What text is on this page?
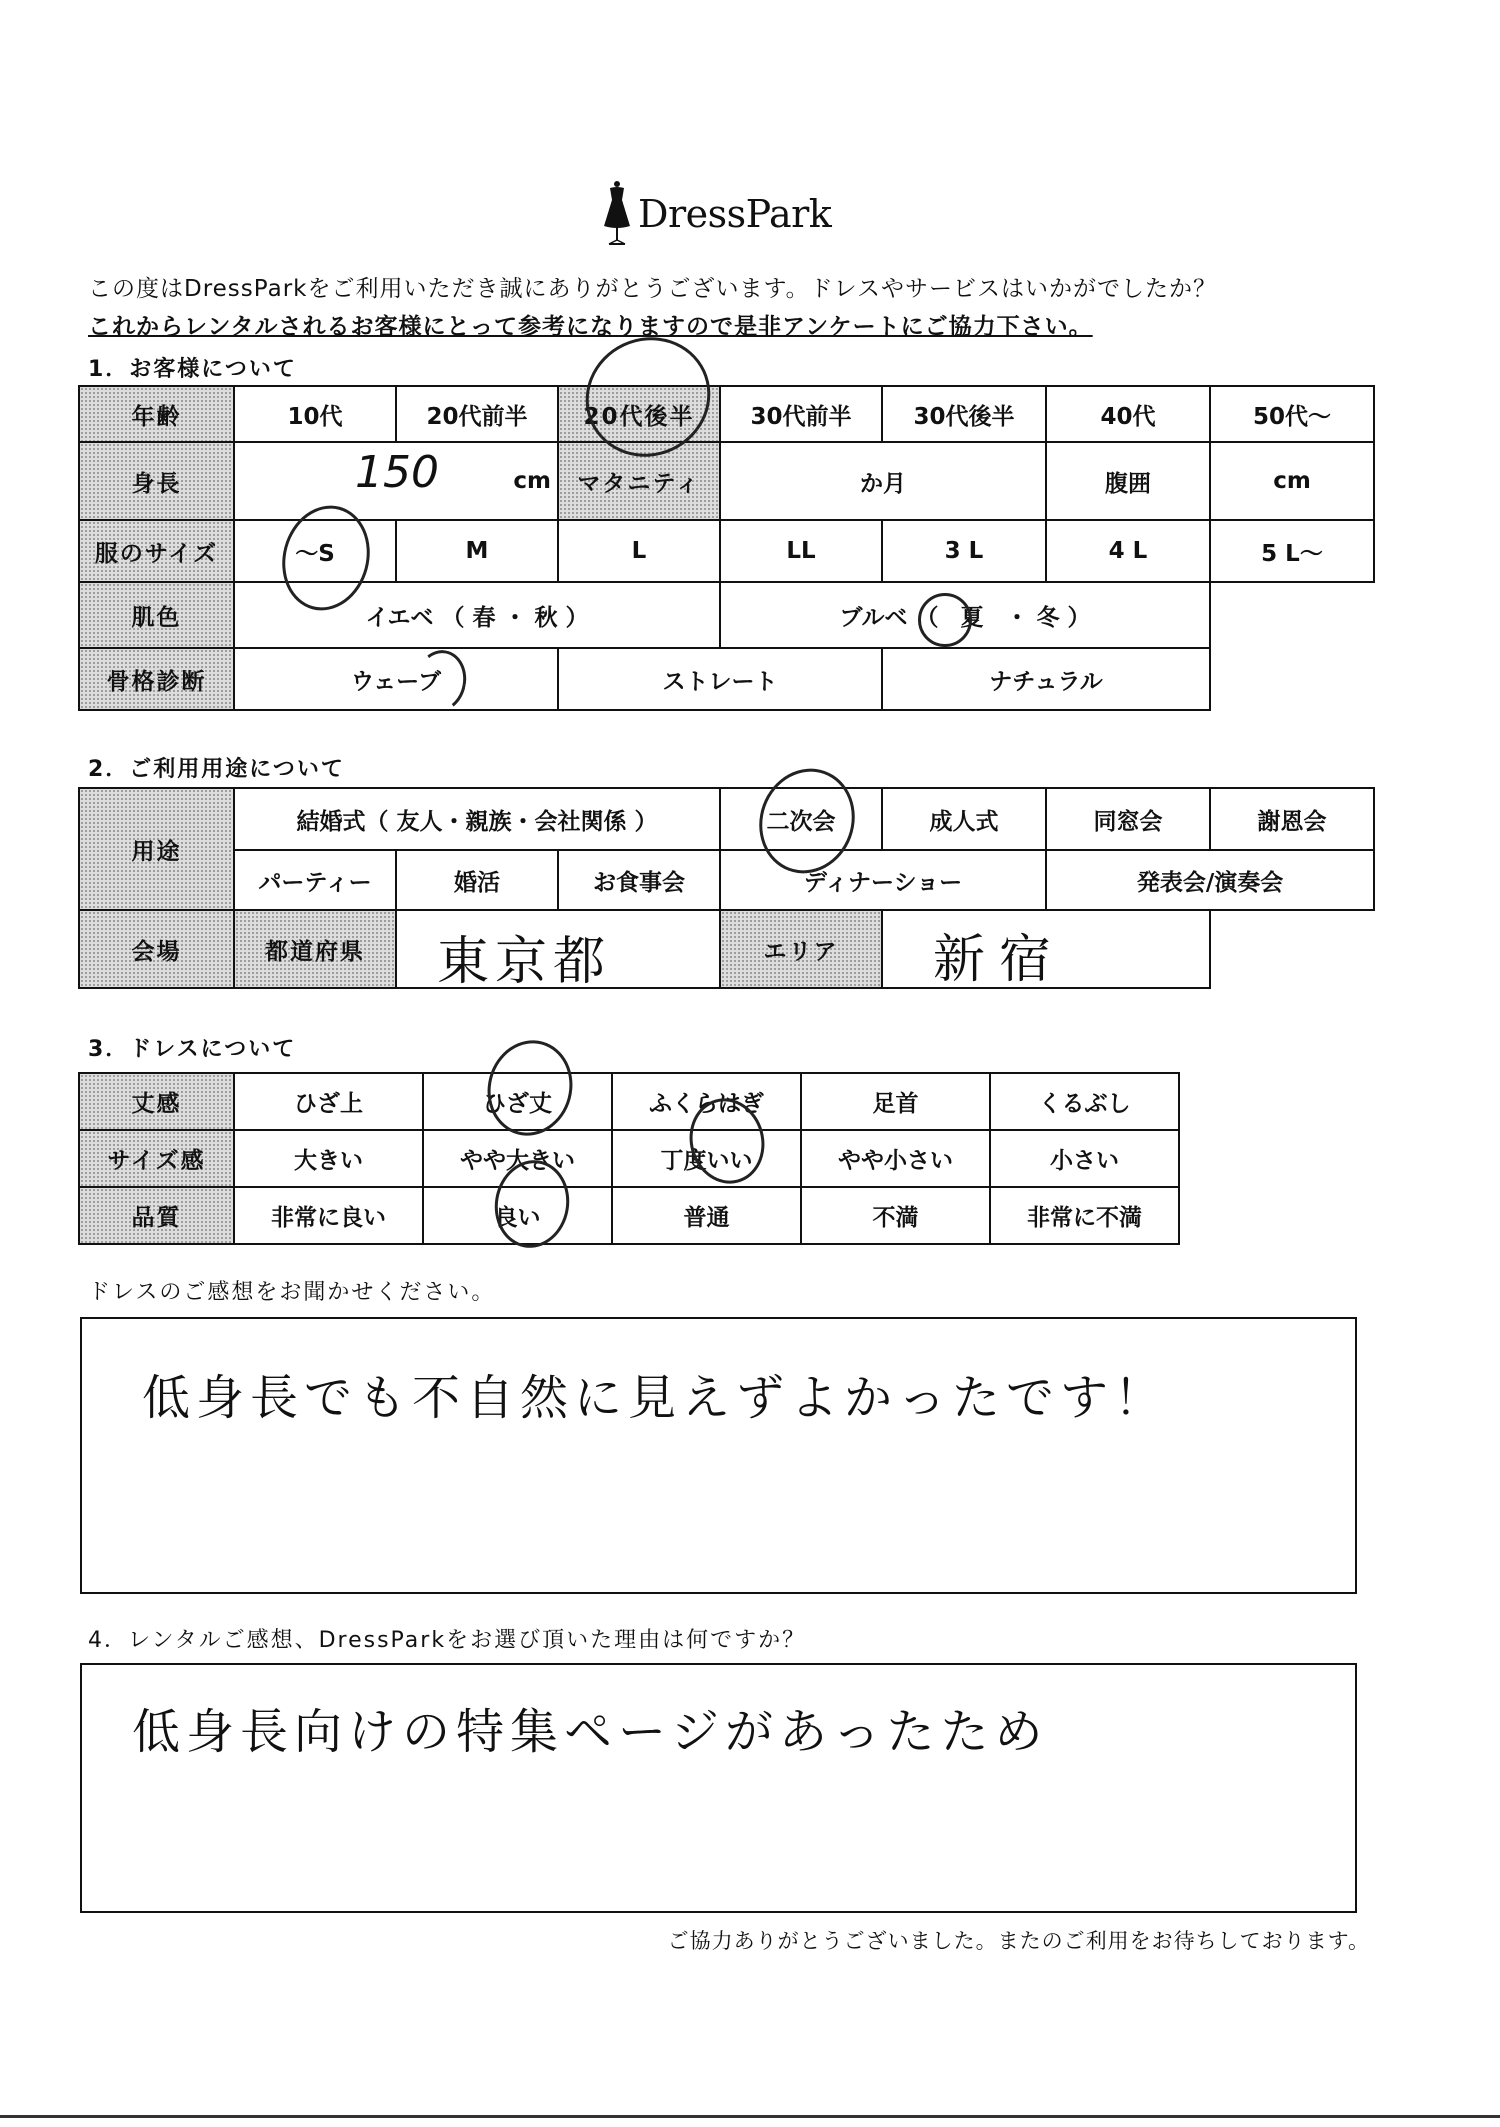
DressPark
この度はDressParkをご利用いただき誠にありがとうございます。ドレスやサービスはいかがでしたか？
これからレンタルされるお客様にとって参考になりますので是非アンケートにご協力下さい。
1．お客様について
年齢	10代	20代前半	20代後半	30代前半	30代後半	40代	50代～
身長	150 cm		マタニティ	か月		腹囲	cm
服のサイズ	～S	M	L	LL	3 L	4 L	5 L～
肌色	イエベ （ 春 ・ 秋 ）			ブルベ （ 夏 ・ 冬 ）			
骨格診断	ウェーブ		ストレート		ナチュラル		
2．ご利用用途について
用途	結婚式（ 友人・親族・会社関係 ）			二次会	成人式	同窓会	謝恩会
	パーティー	婚活	お食事会	ディナーショー		発表会/演奏会	
会場	都道府県	東京都		エリア	新宿		

3．ドレスについて
丈感	ひざ上	ひざ丈	ふくらはぎ	足首	くるぶし
サイズ感	大きい	やや大きい	丁度いい	やや小さい	小さい
品質	非常に良い	良い	普通	不満	非常に不満
ドレスのご感想をお聞かせください。
低身長でも不自然に見えずよかったです！
4．レンタルご感想、DressParkをお選び頂いた理由は何ですか？
低身長向けの特集ページがあったため
ご協力ありがとうございました。またのご利用をお待ちしております。
